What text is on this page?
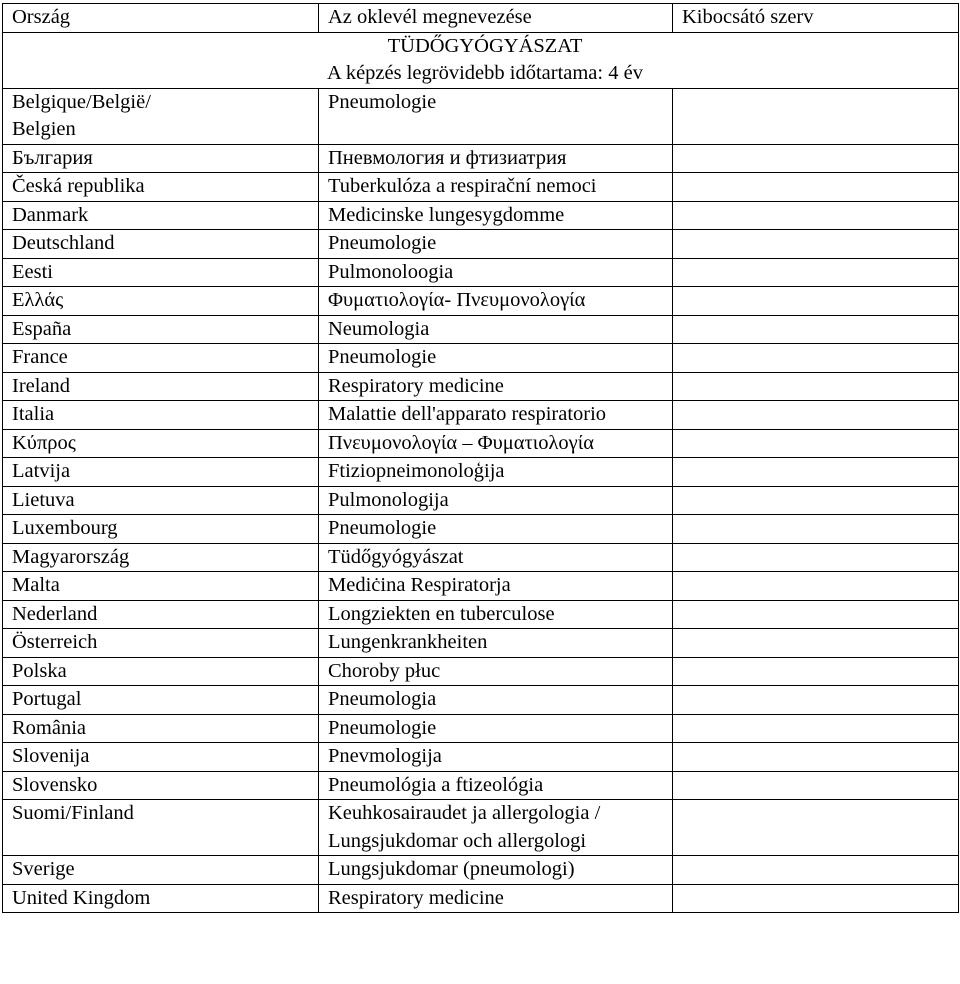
Ország	Az oklevél megnevezése	Kibocsátó szerv

TÜDŐGYÓGYÁSZAT
A képzés legrövidebb időtartama: 4 év		

Belgique/België/ Belgien	Pneumologie	

България	Пневмология и фтизиатрия	

Česká republika	Tuberkulóza a respirační nemoci	

Danmark	Medicinske lungesygdomme	

Deutschland	Pneumologie	

Eesti	Pulmonoloogia	

Ελλάς	Φυματιολογία- Πνευμονολογία	

España	Neumologia	

France	Pneumologie	

Ireland	Respiratory medicine	

Italia	Malattie dell'apparato respiratorio	

Κύπρος	Πνευμονολογία – Φυματιολογία	

Latvija	Ftiziopneimonoloģija	

Lietuva	Pulmonologija	

Luxembourg	Pneumologie	

Magyarország	Tüdőgyógyászat	

Malta	Mediċina Respiratorja	

Nederland	Longziekten en tuberculose	

Österreich	Lungenkrankheiten	

Polska	Choroby płuc	

Portugal	Pneumologia	

România	Pneumologie	

Slovenija	Pnevmologija	

Slovensko	Pneumológia a ftizeológia	

Suomi/Finland	Keuhkosairaudet ja allergologia / Lungsjukdomar och allergologi	

Sverige	Lungsjukdomar (pneumologi)	

United Kingdom	Respiratory medicine	
